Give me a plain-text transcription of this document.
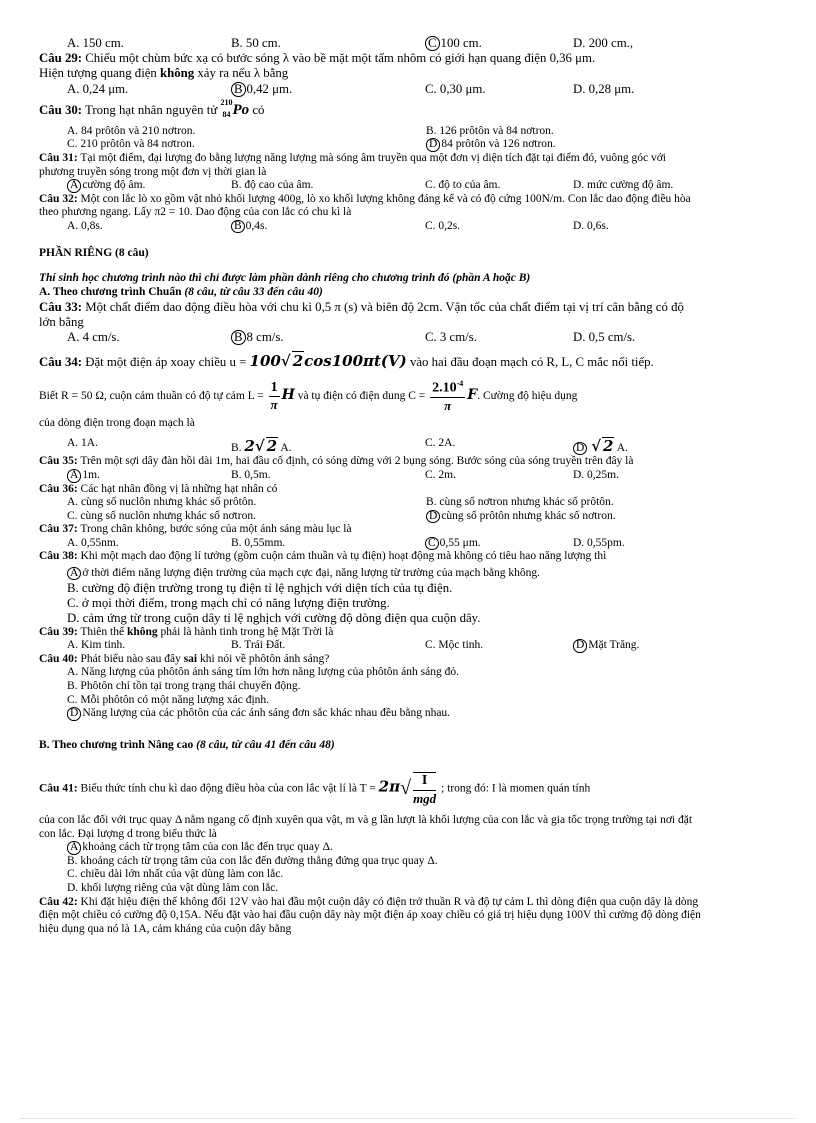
A. 150 cm.	B. 50 cm.	C 100 cm.	D. 200 cm.,

Câu 29: Chiếu một chùm bức xạ có bước sóng λ vào bề mặt một tấm nhôm có giới hạn quang điện 0,36 μm.
Hiện tượng quang điện không xảy ra nếu λ bằng

A. 0,24 μm.	B 0,42 μm.	C. 0,30 μm.	D. 0,28 μm.

Câu 30: Trong hạt nhân nguyên tử
210
84 Po có

A. 84 prôtôn và 210 nơtron.	B. 126 prôtôn và 84 nơtron.
C. 210 prôtôn và 84 nơtron.	D 84 prôtôn và 126 nơtron.

Câu 31: Tại một điểm, đại lượng đo bằng lượng năng lượng mà sóng âm truyền qua một đơn vị diện tích đặt tại điểm đó, vuông góc với phương truyền sóng trong một đơn vị thời gian là

A cường độ âm.	B. độ cao của âm.	C. độ to của âm.	D. mức cường độ âm.

Câu 32: Một con lắc lò xo gồm vật nhỏ khối lượng 400g, lò xo khối lượng không đáng kể và có độ cứng 100N/m. Con lắc dao động điều hòa theo phương ngang. Lấy π2 = 10. Dao động của con lắc có chu kì là

A. 0,8s.	B 0,4s.	C. 0,2s.	D. 0,6s.

PHẦN RIÊNG (8 câu)

Thí sinh học chương trình nào thì chỉ được làm phần dành riêng cho chương trình đó (phần A hoặc B)

A. Theo chương trình Chuẩn (8 câu, từ câu 33 đến câu 40)

Câu 33: Một chất điểm dao động điều hòa với chu kì 0,5 π (s) và biên độ 2cm. Vận tốc của chất điểm tại vị trí cân bằng có độ lớn bằng

A. 4 cm/s.	B 8 cm/s.	C. 3 cm/s.	D. 0,5 cm/s.

Câu 34: Đặt một điện áp xoay chiều u = 100√ 2cos100πt(V) vào hai đầu đoạn mạch có R, L, C mắc nối tiếp.

Biết R = 50 Ω, cuộn cảm thuần có độ tự cảm $L = \frac{1}{\pi}$ H và tụ điện có điện dung $C = \frac{2.10^{-4}}{\pi} F$. Cường độ hiệu dụng

của dòng điện trong đoạn mạch là

A. 1A.	B. 2√ 2 A.	C. 2A.	D √ 2 A.

Câu 35: Trên một sợi dây đàn hồi dài 1m, hai đầu cố định, có sóng dừng với 2 bụng sóng. Bước sóng của sóng truyền trên đây là

A 1m.	B. 0,5m.	C. 2m.	D. 0,25m.

Câu 36: Các hạt nhân đồng vị là những hạt nhân có

A. cùng số nuclôn nhưng khác số prôtôn.	B. cùng số nơtron nhưng khác số prôtôn.
C. cùng số nuclôn nhưng khác số nơtron.	D cùng số prôtôn nhưng khác số nơtron.

Câu 37: Trong chân không, bước sóng của một ánh sáng màu lục là

A. 0,55nm.	B. 0,55mm.	C 0,55 μm.	D. 0,55pm.

Câu 38: Khi một mạch dao động lí tưởng (gồm cuộn cảm thuần và tụ điện) hoạt động mà không có tiêu hao năng lượng thì

A ở thời điểm năng lượng điện trường của mạch cực đại, năng lượng từ trường của mạch bằng không.
B. cường độ điện trường trong tụ điện tỉ lệ nghịch với diện tích của tụ điện.
C. ở mọi thời điểm, trong mạch chỉ có năng lượng điện trường.
D. cảm ứng từ trong cuộn dây tỉ lệ nghịch với cường độ dòng điện qua cuộn dây.

Câu 39: Thiên thể không phải là hành tinh trong hệ Mặt Trời là

A. Kim tinh.	B. Trái Đất.	C. Mộc tinh.	D Mặt Trăng.

Câu 40: Phát biểu nào sau đây sai khi nói về phôtôn ánh sáng?

A. Năng lượng của phôtôn ánh sáng tím lớn hơn năng lượng của phôtôn ánh sáng đỏ.
B. Phôtôn chỉ tồn tại trong trạng thái chuyển động.
C. Mỗi phôtôn có một năng lượng xác định.
D Năng lượng của các phôtôn của các ánh sáng đơn sắc khác nhau đều bằng nhau.

B. Theo chương trình Nâng cao (8 câu, từ câu 41 đến câu 48)

Câu 41: Biểu thức tính chu kì dao động điều hòa của con lắc vật lí là $T = 2\pi√ \frac{I}{\text{mgd}}$ ; trong đó: I là momen quán tính

của con lắc đối với trục quay Δ nằm ngang cố định xuyên qua vật, m và g lần lượt là khối lượng của con lắc và gia tốc trọng trường tại nơi đặt con lắc. Đại lượng d trong biểu thức là

A khoảng cách từ trọng tâm của con lắc đến trục quay Δ.
B. khoảng cách từ trọng tâm của con lắc đến đường thẳng đứng qua trục quay Δ.
C. chiều dài lớn nhất của vật dùng làm con lắc.
D. khối lượng riêng của vật dùng làm con lắc.

Câu 42: Khi đặt hiệu điện thế không đổi 12V vào hai đầu một cuộn dây có điện trở thuần R và độ tự cảm L thì dòng điện qua cuộn dây là dòng điện một chiều có cường độ 0,15A. Nếu đặt vào hai đầu cuộn dây này một điện áp xoay chiều có giá trị hiệu dụng 100V thì cường độ dòng điện hiệu dụng qua nó là 1A, cảm kháng của cuộn dây bằng
